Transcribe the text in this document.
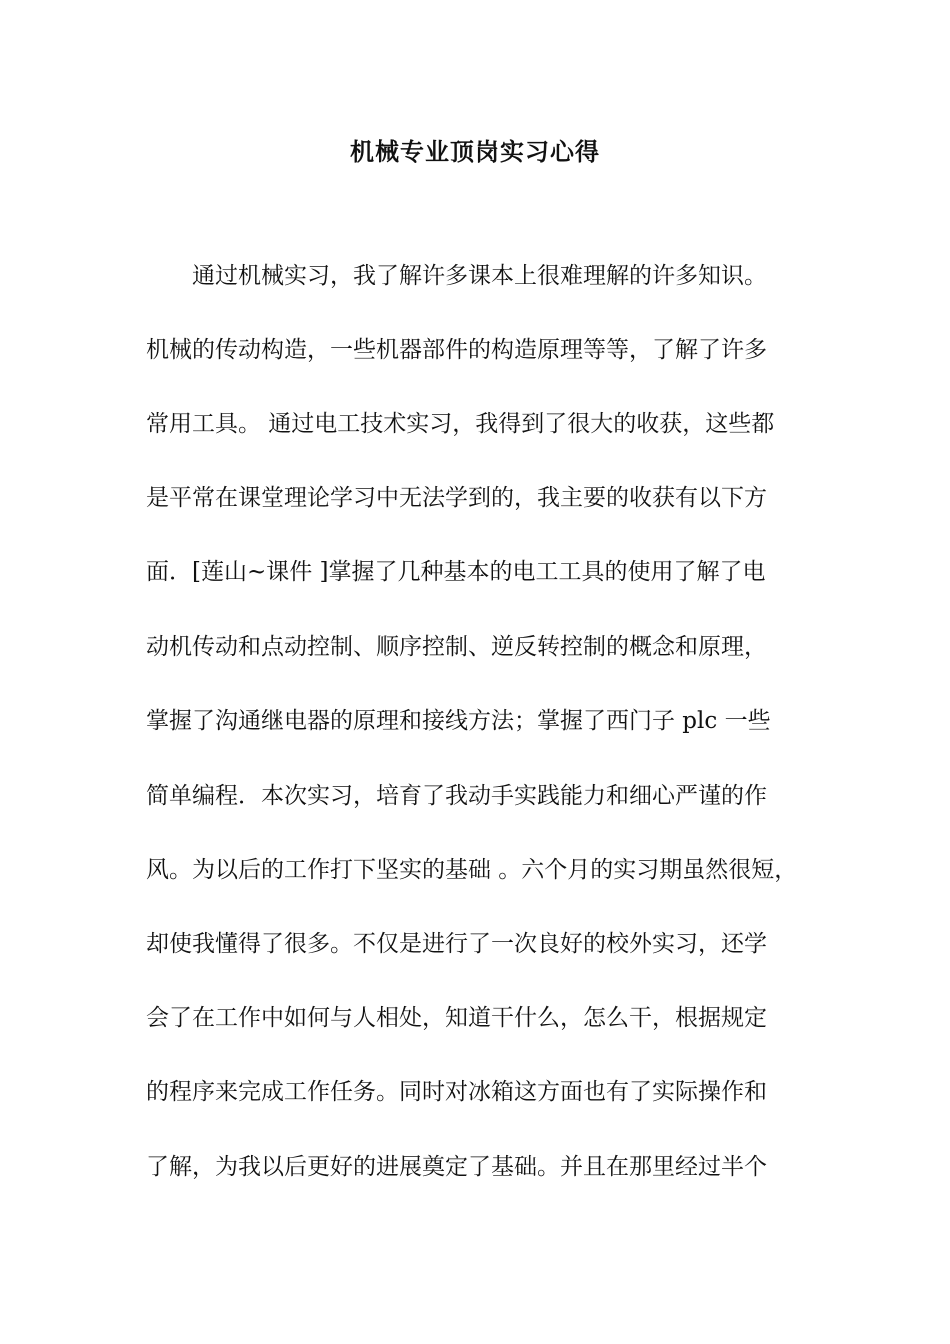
机械专业顶岗实习心得
通过机械实习，我了解许多课本上很难理解的许多知识。
机械的传动构造，一些机器部件的构造原理等等，了解了许多
常用工具。 通过电工技术实习，我得到了很大的收获，这些都
是平常在课堂理论学习中无法学到的，我主要的收获有以下方
面．[莲山~课件 ]掌握了几种基本的电工工具的使用了解了电
动机传动和点动控制、顺序控制、逆反转控制的概念和原理，
掌握了沟通继电器的原理和接线方法；掌握了西门子 plc 一些
简单编程．本次实习，培育了我动手实践能力和细心严谨的作
风。为以后的工作打下坚实的基础 。六个月的实习期虽然很短，
却使我懂得了很多。不仅是进行了一次良好的校外实习，还学
会了在工作中如何与人相处，知道干什么，怎么干，根据规定
的程序来完成工作任务。同时对冰箱这方面也有了实际操作和
了解，为我以后更好的进展奠定了基础。并且在那里经过半个
